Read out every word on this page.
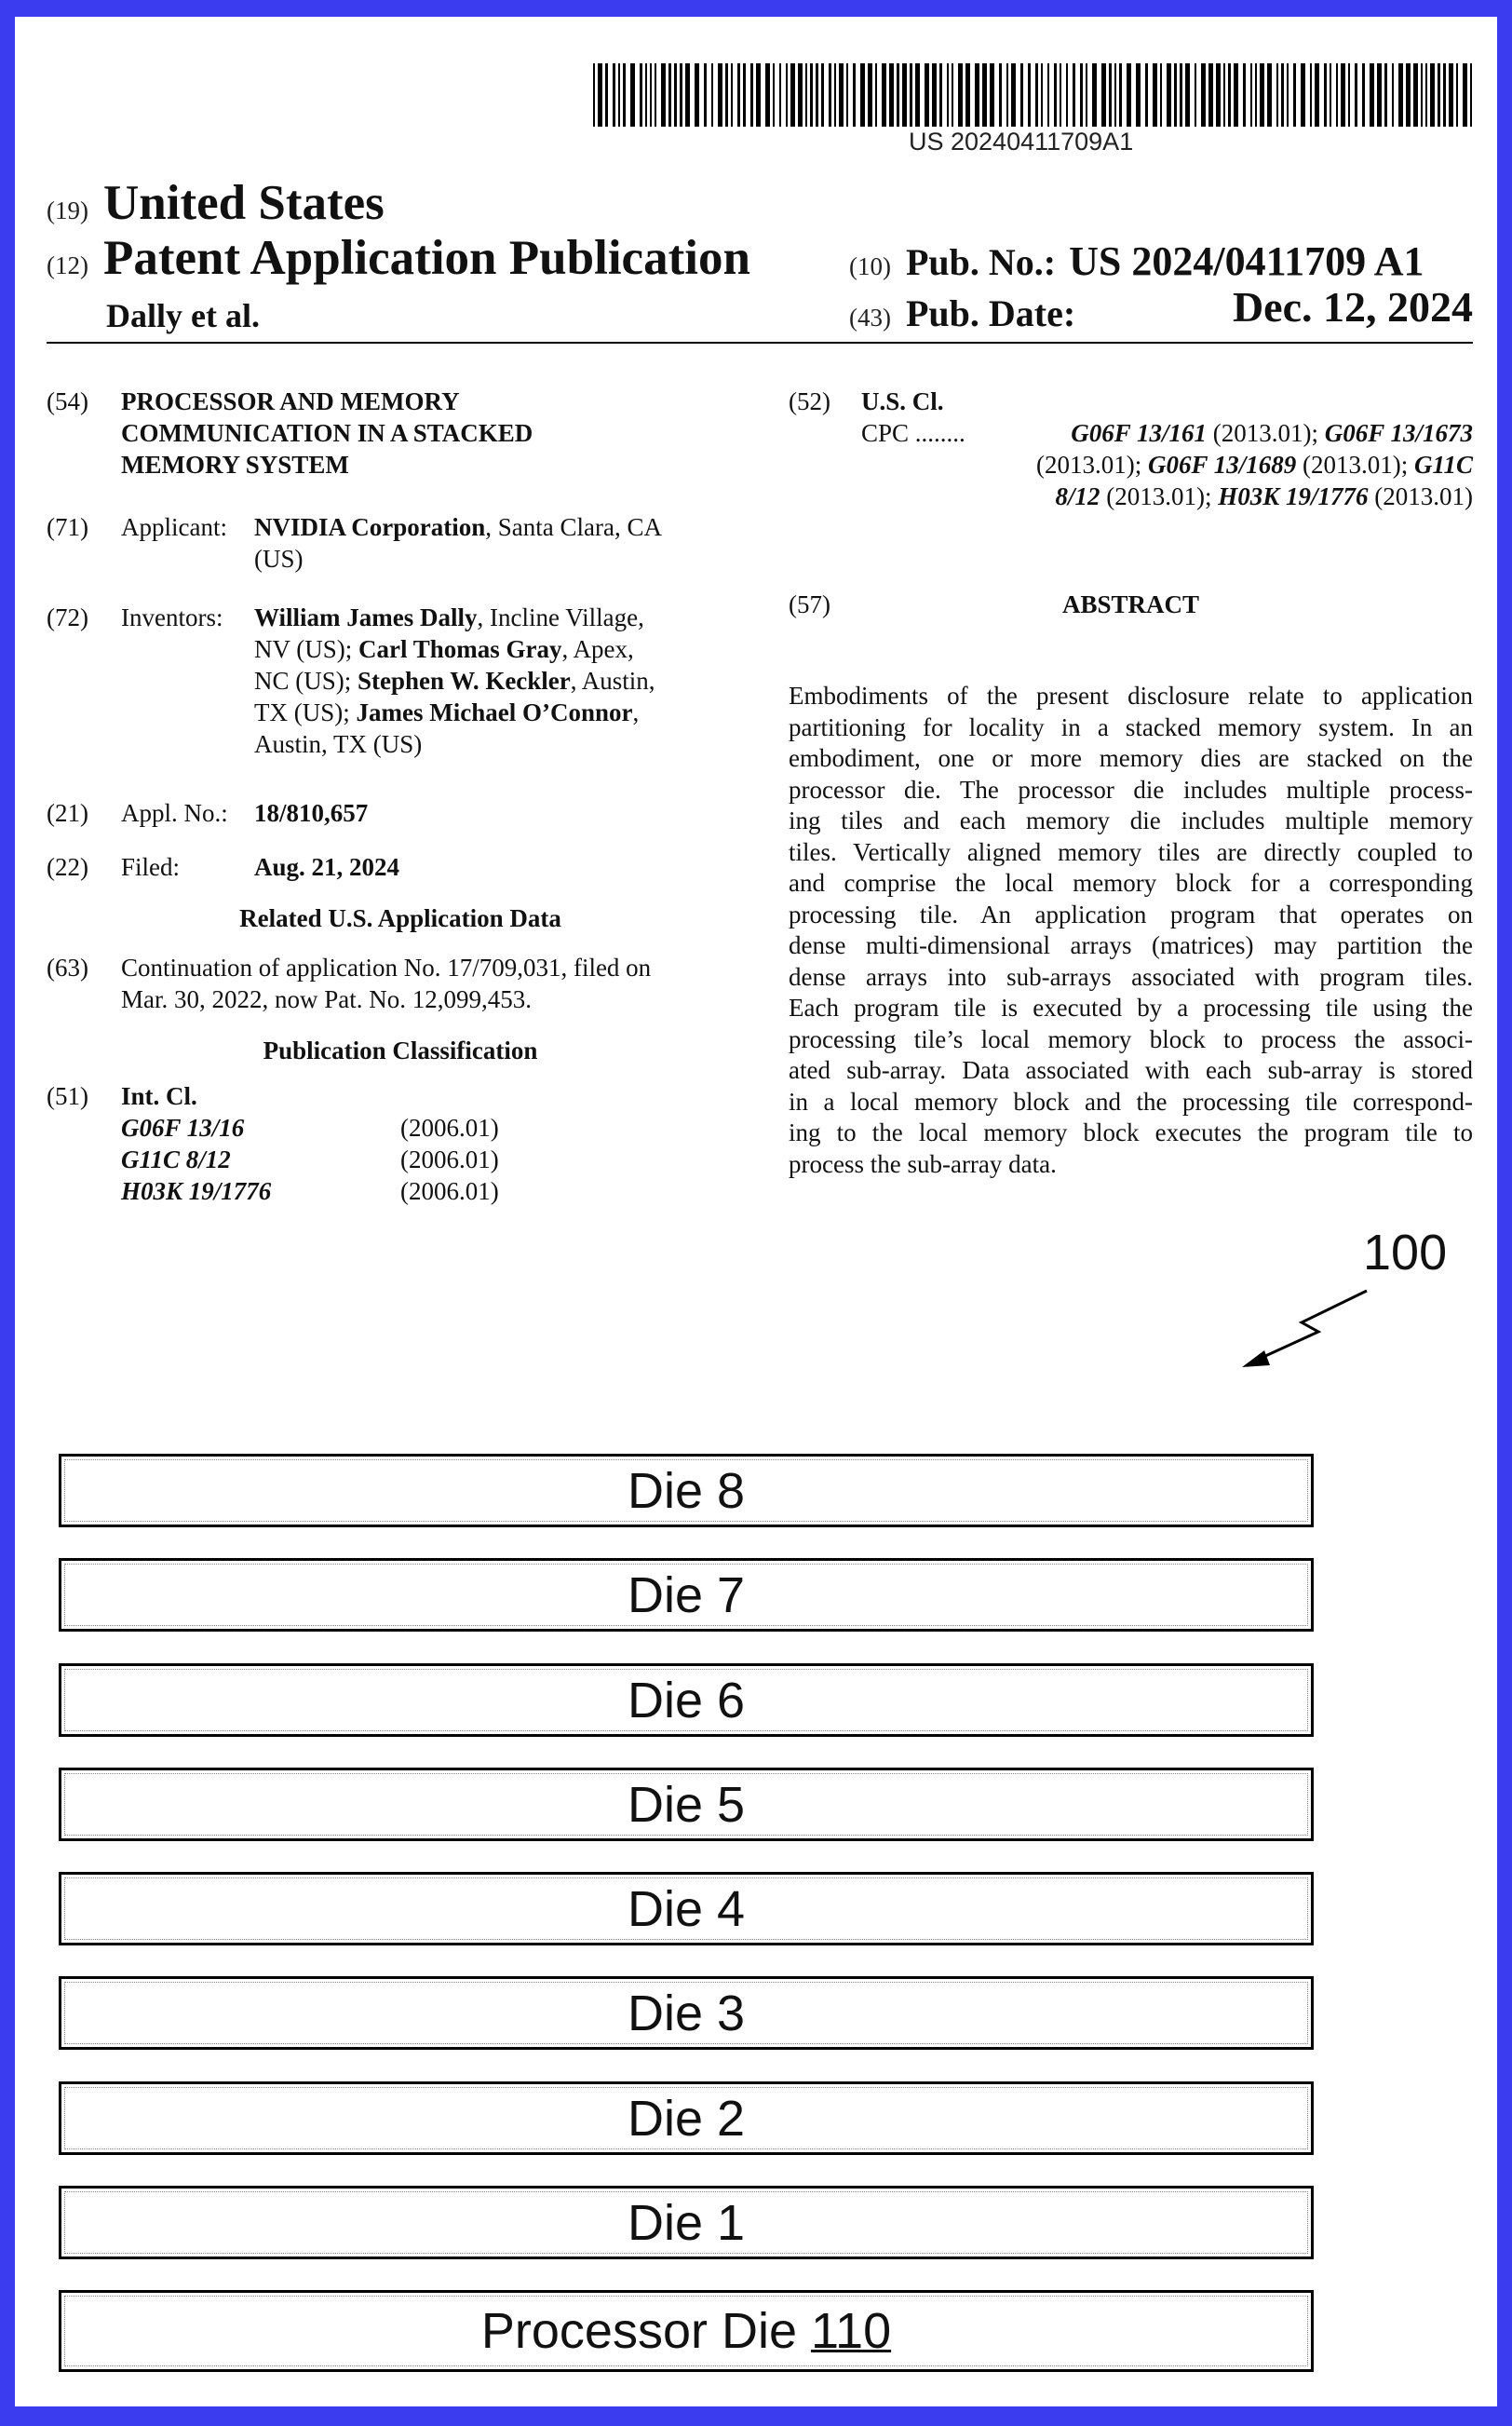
US 20240411709A1
(19) United States
(12) Patent Application Publication
Dally et al.
(10) Pub. No.: US 2024/0411709 A1
(43) Pub. Date:	Dec. 12, 2024
(54) PROCESSOR AND MEMORY
COMMUNICATION IN A STACKED
MEMORY SYSTEM
(71) Applicant: NVIDIA Corporation, Santa Clara, CA
(US)
(72) Inventors: William James Dally, Incline Village,
NV (US); Carl Thomas Gray, Apex,
NC (US); Stephen W. Keckler, Austin,
TX (US); James Michael O’Connor,
Austin, TX (US)
(21) Appl. No.: 18/810,657
(22) Filed:	Aug. 21, 2024
Related U.S. Application Data
(63) Continuation of application No. 17/709,031, filed on
Mar. 30, 2022, now Pat. No. 12,099,453.
Publication Classification
(51) Int. Cl.
G06F 13/16	(2006.01)
G11C 8/12	(2006.01)
H03K 19/1776	(2006.01)
(52) U.S. Cl.
CPC ........	G06F 13/161 (2013.01); G06F 13/1673
(2013.01); G06F 13/1689 (2013.01); G11C
8/12 (2013.01); H03K 19/1776 (2013.01)
(57)	ABSTRACT
Embodiments of the present disclosure relate to application
partitioning for locality in a stacked memory system. In an
embodiment, one or more memory dies are stacked on the
processor die. The processor die includes multiple process-
ing tiles and each memory die includes multiple memory
tiles. Vertically aligned memory tiles are directly coupled to
and comprise the local memory block for a corresponding
processing tile. An application program that operates on
dense multi-dimensional arrays (matrices) may partition the
dense arrays into sub-arrays associated with program tiles.
Each program tile is executed by a processing tile using the
processing tile’s local memory block to process the associ-
ated sub-array. Data associated with each sub-array is stored
in a local memory block and the processing tile correspond-
ing to the local memory block executes the program tile to
process the sub-array data.
100
Die 8
Die 7
Die 6
Die 5
Die 4
Die 3
Die 2
Die 1
Processor Die 110
